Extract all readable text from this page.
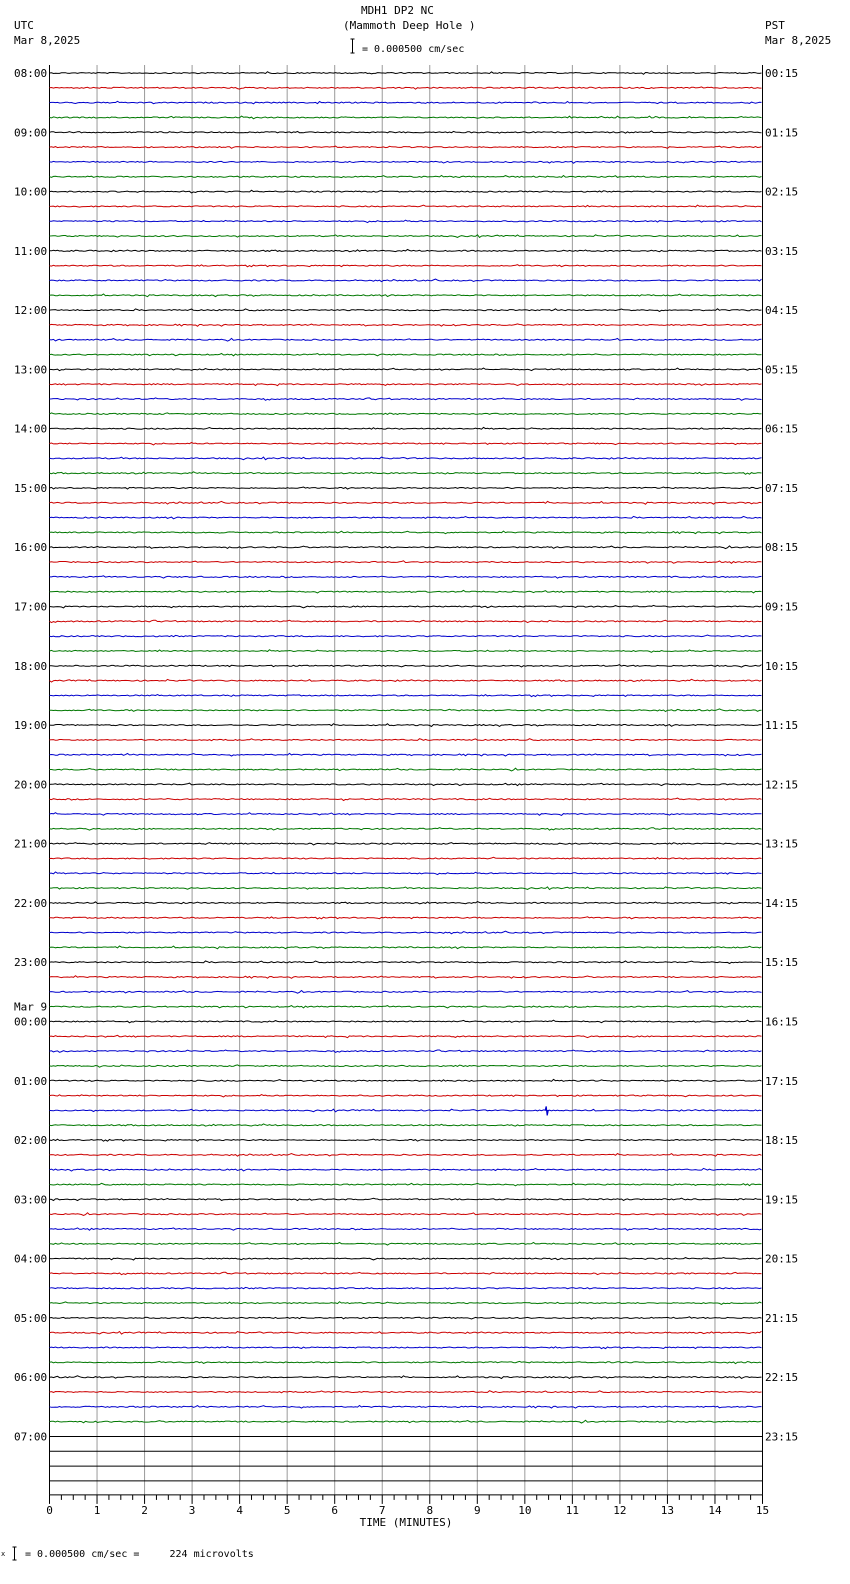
MDH1 DP2 NC
(Mammoth Deep Hole )
= 0.000500 cm/sec
UTC
Mar 8,2025
PST
Mar 8,2025
x = 0.000500 cm/sec =     224 microvolts
0	1	2	3	4	5	6	7	8	9	10	11	12	13	14	15
TIME (MINUTES)
08:00
09:00
10:00
11:00
12:00
13:00
14:00
15:00
16:00
17:00
18:00
19:00
20:00
21:00
22:00
23:00
Mar 9
00:00
01:00
02:00
03:00
04:00
05:00
06:00
07:00
00:15
01:15
02:15
03:15
04:15
05:15
06:15
07:15
08:15
09:15
10:15
11:15
12:15
13:15
14:15
15:15
16:15
17:15
18:15
19:15
20:15
21:15
22:15
23:15
